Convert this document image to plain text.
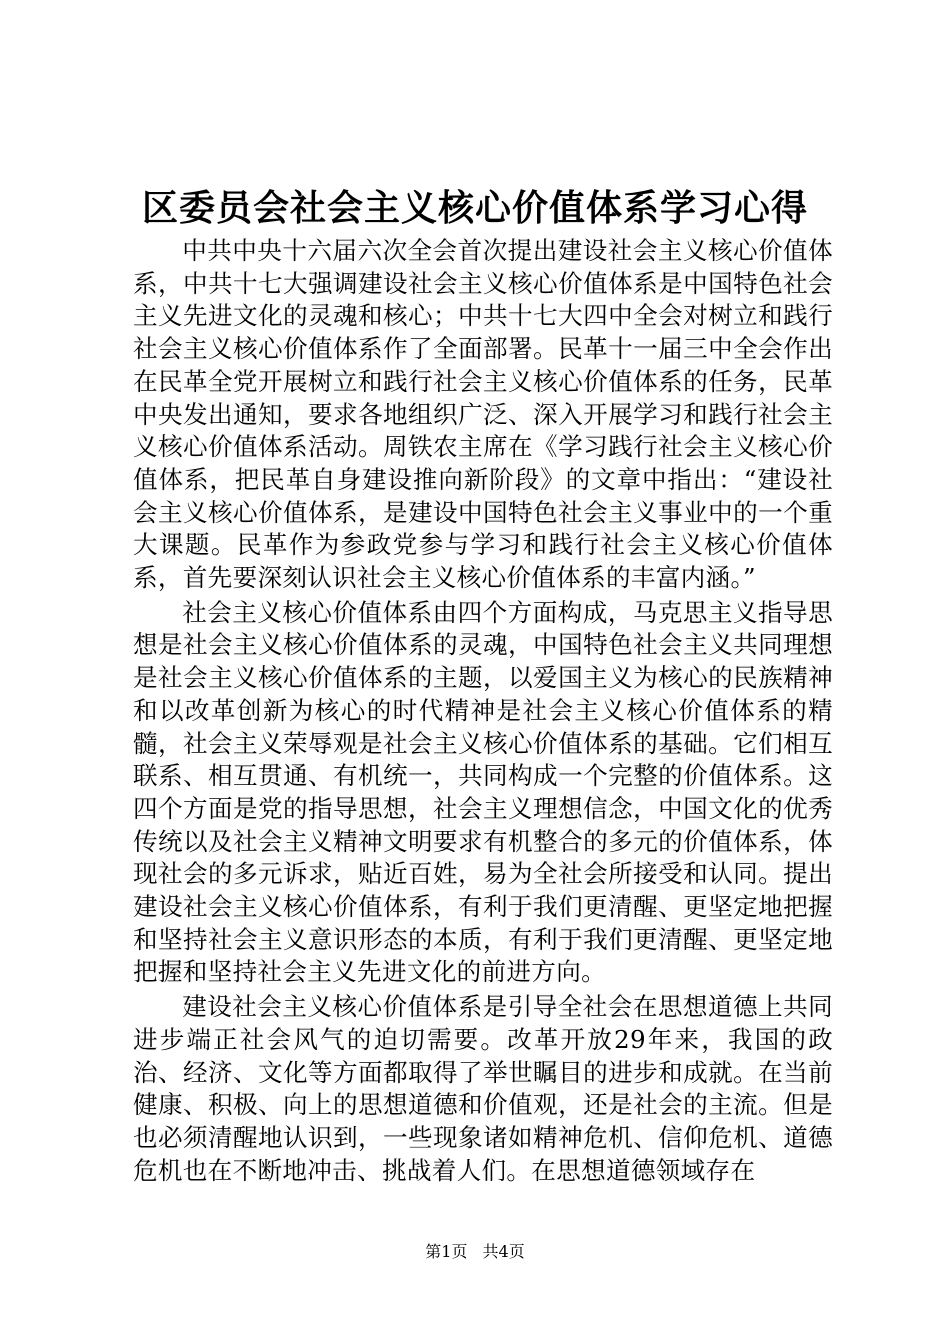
区委员会社会主义核心价值体系学习心得

中共中央十六届六次全会首次提出建设社会主义核心价值体系，中共十七大强调建设社会主义核心价值体系是中国特色社会主义先进文化的灵魂和核心；中共十七大四中全会对树立和践行社会主义核心价值体系作了全面部署。民革十一届三中全会作出在民革全党开展树立和践行社会主义核心价值体系的任务，民革中央发出通知，要求各地组织广泛、深入开展学习和践行社会主义核心价值体系活动。周铁农主席在《学习践行社会主义核心价值体系，把民革自身建设推向新阶段》的文章中指出：“建设社会主义核心价值体系，是建设中国特色社会主义事业中的一个重大课题。民革作为参政党参与学习和践行社会主义核心价值体系，首先要深刻认识社会主义核心价值体系的丰富内涵。”

社会主义核心价值体系由四个方面构成，马克思主义指导思想是社会主义核心价值体系的灵魂，中国特色社会主义共同理想是社会主义核心价值体系的主题，以爱国主义为核心的民族精神和以改革创新为核心的时代精神是社会主义核心价值体系的精髓，社会主义荣辱观是社会主义核心价值体系的基础。它们相互联系、相互贯通、有机统一，共同构成一个完整的价值体系。这四个方面是党的指导思想，社会主义理想信念，中国文化的优秀传统以及社会主义精神文明要求有机整合的多元的价值体系，体现社会的多元诉求，贴近百姓，易为全社会所接受和认同。提出建设社会主义核心价值体系，有利于我们更清醒、更坚定地把握和坚持社会主义意识形态的本质，有利于我们更清醒、更坚定地把握和坚持社会主义先进文化的前进方向。

建设社会主义核心价值体系是引导全社会在思想道德上共同进步端正社会风气的迫切需要。改革开放29年来，我国的政治、经济、文化等方面都取得了举世瞩目的进步和成就。在当前健康、积极、向上的思想道德和价值观，还是社会的主流。但是也必须清醒地认识到，一些现象诸如精神危机、信仰危机、道德危机也在不断地冲击、挑战着人们。在思想道德领域存在

第1页 共4页
